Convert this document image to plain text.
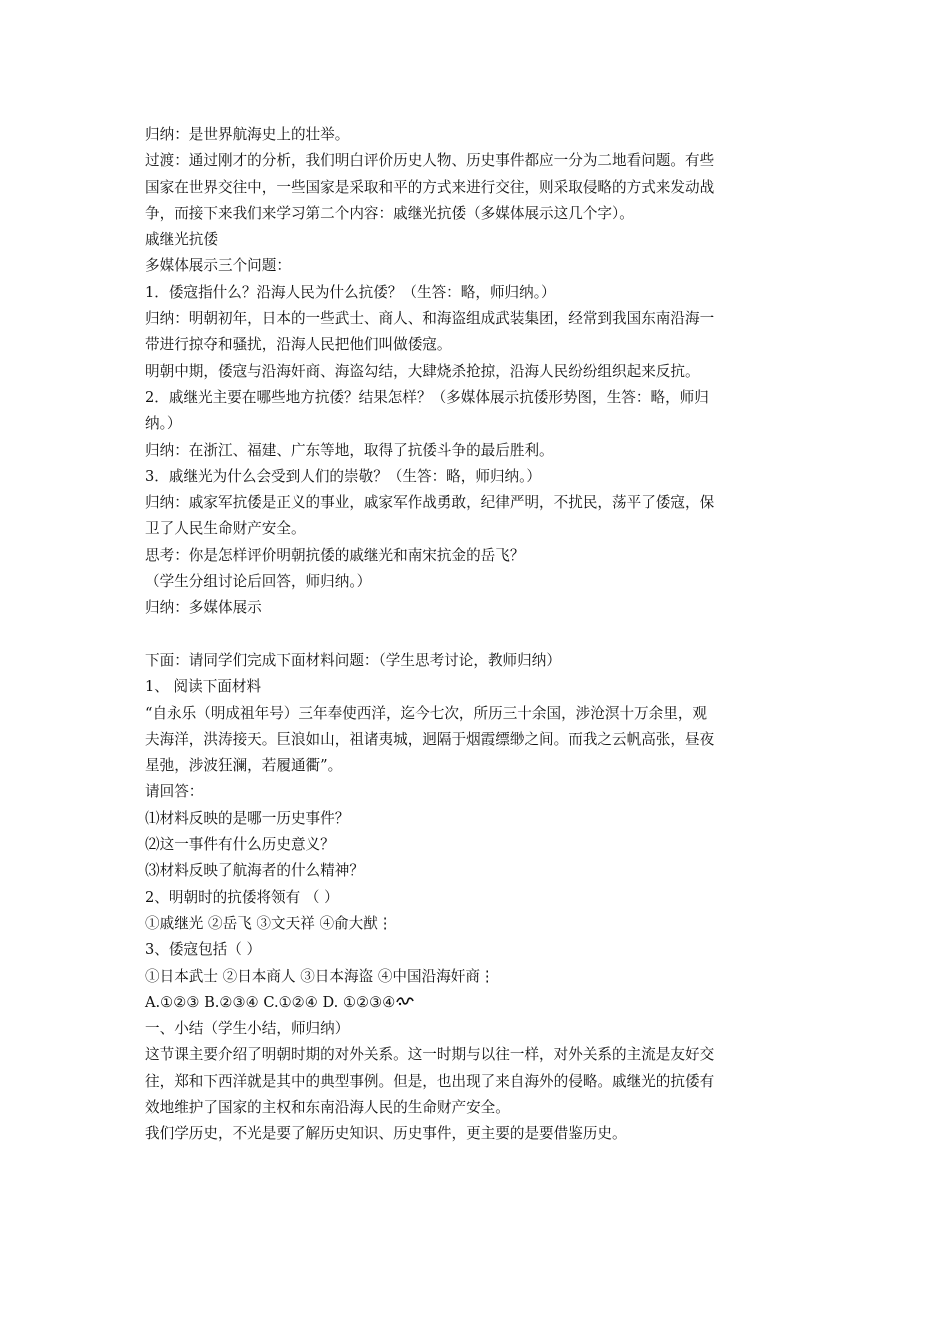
归纳：是世界航海史上的壮举。
过渡：通过刚才的分析，我们明白评价历史人物、历史事件都应一分为二地看问题。有些
国家在世界交往中，一些国家是采取和平的方式来进行交往，则采取侵略的方式来发动战
争，而接下来我们来学习第二个内容：戚继光抗倭（多媒体展示这几个字）。
戚继光抗倭
多媒体展示三个问题：
1．倭寇指什么？沿海人民为什么抗倭？（生答：略，师归纳。）
归纳：明朝初年，日本的一些武士、商人、和海盗组成武装集团，经常到我国东南沿海一
带进行掠夺和骚扰，沿海人民把他们叫做倭寇。
明朝中期，倭寇与沿海奸商、海盗勾结，大肆烧杀抢掠，沿海人民纷纷组织起来反抗。
2．戚继光主要在哪些地方抗倭？结果怎样？（多媒体展示抗倭形势图，生答：略，师归
纳。）
归纳：在浙江、福建、广东等地，取得了抗倭斗争的最后胜利。
3．戚继光为什么会受到人们的崇敬？（生答：略，师归纳。）
归纳：戚家军抗倭是正义的事业，戚家军作战勇敢，纪律严明，不扰民，荡平了倭寇，保
卫了人民生命财产安全。
思考：你是怎样评价明朝抗倭的戚继光和南宋抗金的岳飞？
（学生分组讨论后回答，师归纳。）
归纳：多媒体展示
下面：请同学们完成下面材料问题：（学生思考讨论，教师归纳）
1、 阅读下面材料
“自永乐（明成祖年号）三年奉使西洋，迄今七次，所历三十余国，涉沧溟十万余里，观
夫海洋，洪涛接天。巨浪如山，祖诸夷城，迥隔于烟霞缥缈之间。而我之云帆高张，昼夜
星弛，涉波狂澜，若履通衢”。
请回答：
⑴材料反映的是哪一历史事件？
⑵这一事件有什么历史意义？
⑶材料反映了航海者的什么精神？
2、明朝时的抗倭将领有 （ ）
①戚继光 ②岳飞 ③文天祥 ④俞大猷⋮
3、倭寇包括（ ）
①日本武士 ②日本商人 ③日本海盗 ④中国沿海奸商⋮
A.①②③ B.②③④ C.①②④ D. ①②③④
一、小结（学生小结，师归纳）
这节课主要介绍了明朝时期的对外关系。这一时期与以往一样，对外关系的主流是友好交
往，郑和下西洋就是其中的典型事例。但是，也出现了来自海外的侵略。戚继光的抗倭有
效地维护了国家的主权和东南沿海人民的生命财产安全。
我们学历史，不光是要了解历史知识、历史事件，更主要的是要借鉴历史。
